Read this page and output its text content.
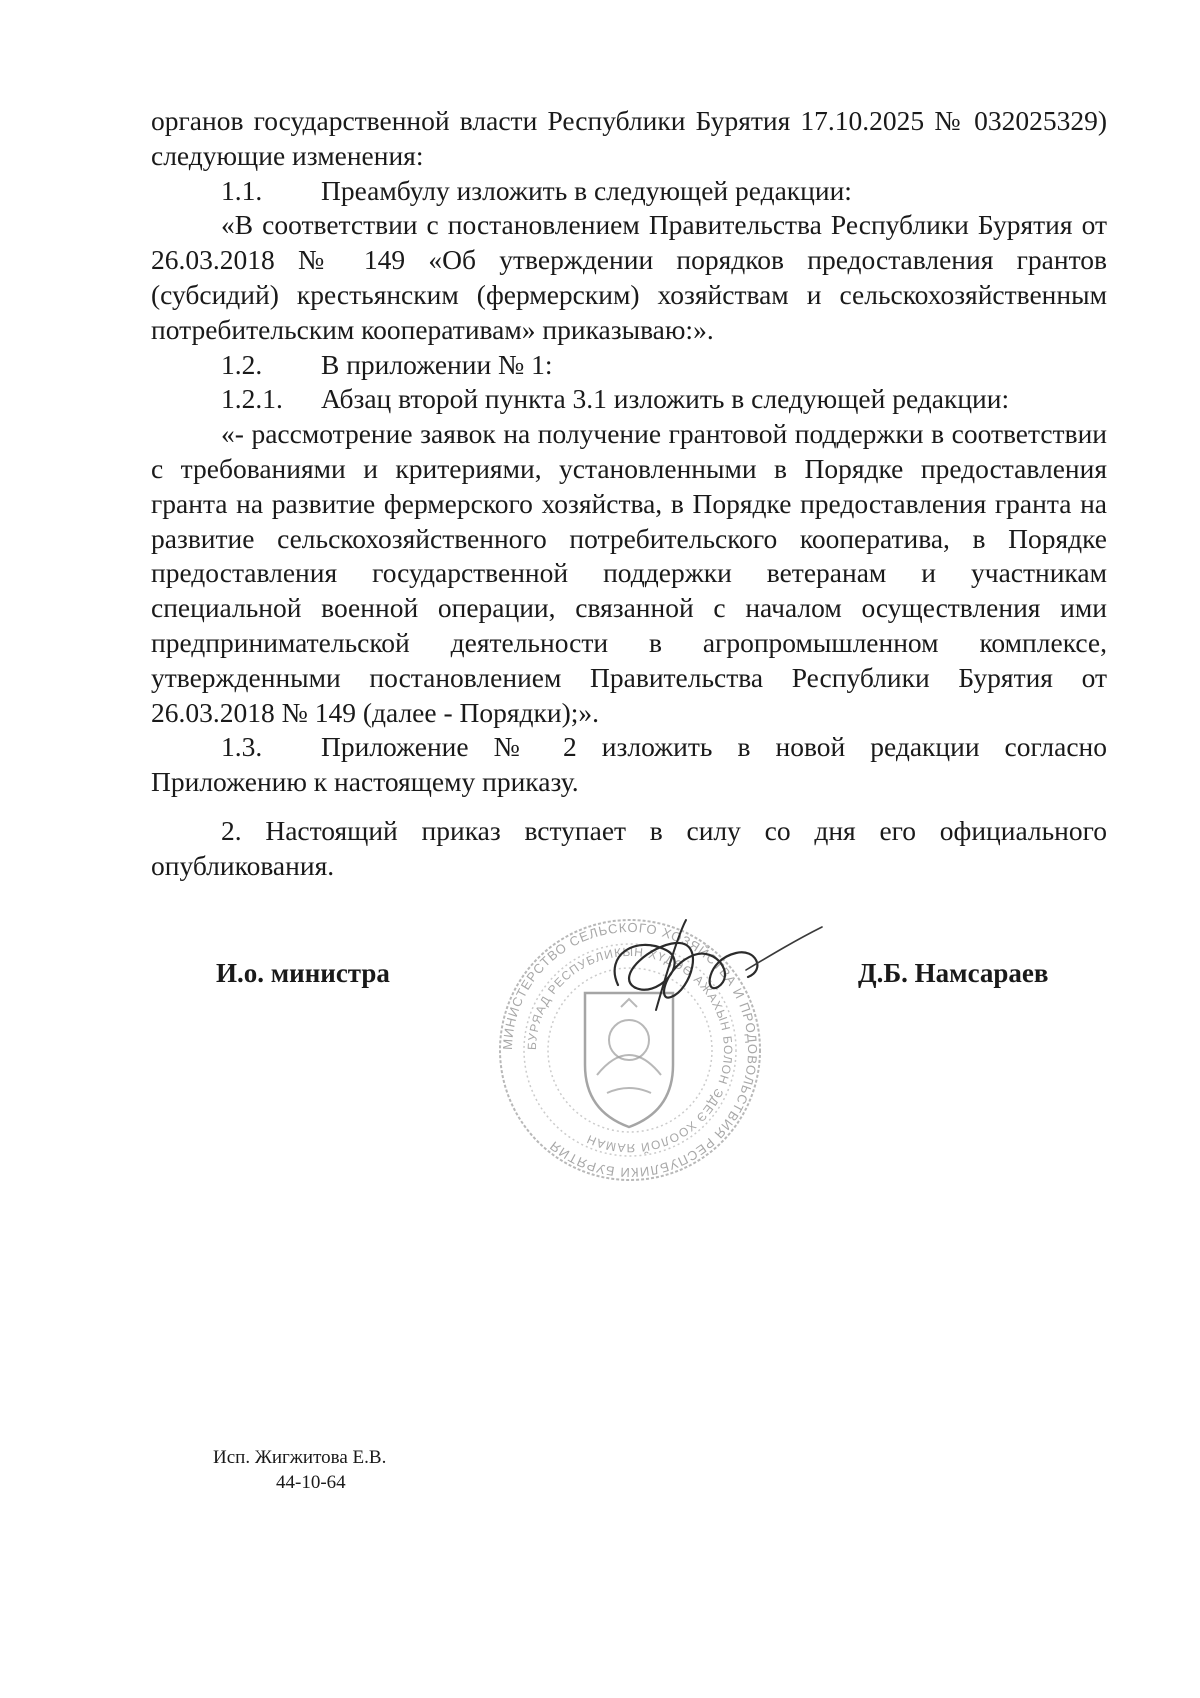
органов государственной власти Республики Бурятия 17.10.2025 № 032025329)

следующие изменения:

1.1.	Преамбулу изложить в следующей редакции:

«В соответствии с постановлением Правительства Республики Бурятия от 26.03.2018 № 149 «Об утверждении порядков предоставления грантов (субсидий) крестьянским (фермерским) хозяйствам и сельскохозяйственным потребительским кооперативам» приказываю:».

1.2.	В приложении № 1:
1.2.1.	Абзац второй пункта 3.1 изложить в следующей редакции:

«- рассмотрение заявок на получение грантовой поддержки в соответствии с требованиями и критериями, установленными в Порядке предоставления гранта на развитие фермерского хозяйства, в Порядке предоставления гранта на развитие сельскохозяйственного потребительского кооператива, в Порядке предоставления государственной поддержки ветеранам и участникам специальной военной операции, связанной с началом осуществления ими предпринимательской деятельности в агропромышленном комплексе, утвержденными постановлением Правительства Республики Бурятия от 26.03.2018 № 149 (далее - Порядки);».

1.3.	Приложение № 2 изложить в новой редакции согласно

Приложению к настоящему приказу.

2. Настоящий приказ вступает в силу со дня его официального опубликования.

И.о. министра
МИНИСТЕРСТВО СЕЛЬСКОГО ХОЗЯЙСТВА И ПРОДОВОЛЬСТВИЯ РЕСПУБЛИКИ БУРЯТИЯ
БУРЯАД РЕСПУБЛИКЫН ХҮДӨӨ АЖАХЫН БОЛОН ЭДЕЭ ХООЛОЙ ЯАМАН
Д.Б. Намсараев
Исп. Жигжитова Е.В.
44-10-64
